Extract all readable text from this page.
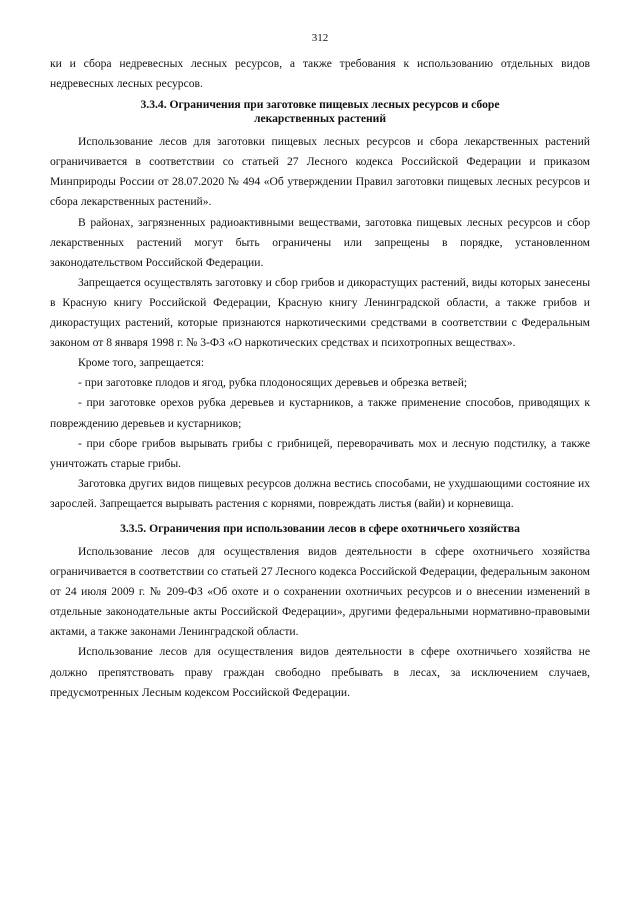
312

ки и сбора недревесных лесных ресурсов, а также требования к использованию отдельных видов недревесных лесных ресурсов.

3.3.4. Ограничения при заготовке пищевых лесных ресурсов и сборе лекарственных растений

Использование лесов для заготовки пищевых лесных ресурсов и сбора лекарственных растений ограничивается в соответствии со статьей 27 Лесного кодекса Российской Федерации и приказом Минприроды России от 28.07.2020 № 494 «Об утверждении Правил заготовки пищевых лесных ресурсов и сбора лекарственных растений».

В районах, загрязненных радиоактивными веществами, заготовка пищевых лесных ресурсов и сбор лекарственных растений могут быть ограничены или запрещены в порядке, установленном законодательством Российской Федерации.

Запрещается осуществлять заготовку и сбор грибов и дикорастущих растений, виды которых занесены в Красную книгу Российской Федерации, Красную книгу Ленинградской области, а также грибов и дикорастущих растений, которые признаются наркотическими средствами в соответствии с Федеральным законом от 8 января 1998 г. № 3-ФЗ «О наркотических средствах и психотропных веществах».

Кроме того, запрещается:

- при заготовке плодов и ягод, рубка плодоносящих деревьев и обрезка ветвей;

- при заготовке орехов рубка деревьев и кустарников, а также применение способов, приводящих к повреждению деревьев и кустарников;

- при сборе грибов вырывать грибы с грибницей, переворачивать мох и лесную подстилку, а также уничтожать старые грибы.

Заготовка других видов пищевых ресурсов должна вестись способами, не ухудшающими состояние их зарослей. Запрещается вырывать растения с корнями, повреждать листья (вайи) и корневища.

3.3.5. Ограничения при использовании лесов в сфере охотничьего хозяйства

Использование лесов для осуществления видов деятельности в сфере охотничьего хозяйства ограничивается в соответствии со статьей 27 Лесного кодекса Российской Федерации, федеральным законом от 24 июля 2009 г. № 209-ФЗ «Об охоте и о сохранении охотничьих ресурсов и о внесении изменений в отдельные законодательные акты Российской Федерации», другими федеральными нормативно-правовыми актами, а также законами Ленинградской области.

Использование лесов для осуществления видов деятельности в сфере охотничьего хозяйства не должно препятствовать праву граждан свободно пребывать в лесах, за исключением случаев, предусмотренных Лесным кодексом Российской Федерации.
